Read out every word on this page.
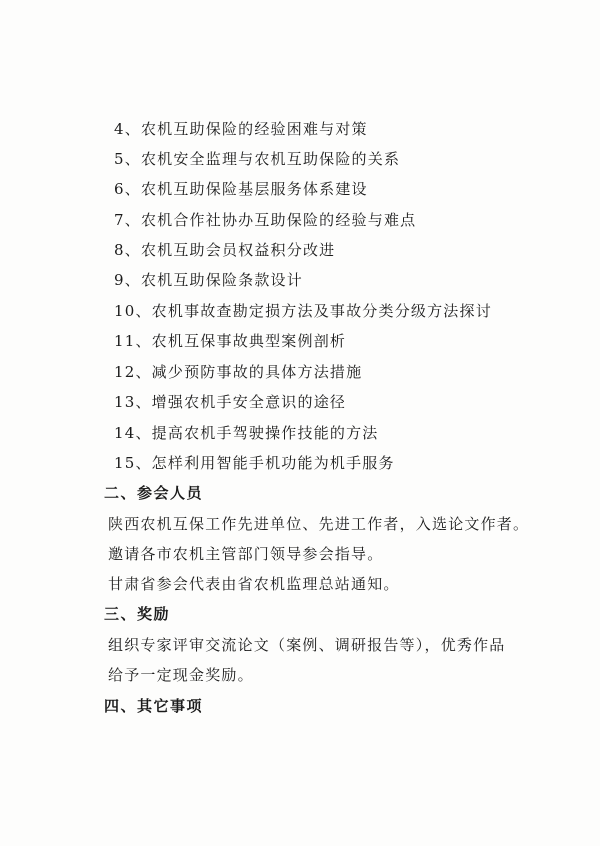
4、农机互助保险的经验困难与对策
5、农机安全监理与农机互助保险的关系
6、农机互助保险基层服务体系建设
7、农机合作社协办互助保险的经验与难点
8、农机互助会员权益积分改进
9、农机互助保险条款设计
10、农机事故查勘定损方法及事故分类分级方法探讨
11、农机互保事故典型案例剖析
12、减少预防事故的具体方法措施
13、增强农机手安全意识的途径
14、提高农机手驾驶操作技能的方法
15、怎样利用智能手机功能为机手服务
二、参会人员
陕西农机互保工作先进单位、先进工作者，入选论文作者。
邀请各市农机主管部门领导参会指导。
甘肃省参会代表由省农机监理总站通知。
三、奖励
组织专家评审交流论文（案例、调研报告等），优秀作品
给予一定现金奖励。
四、其它事项
